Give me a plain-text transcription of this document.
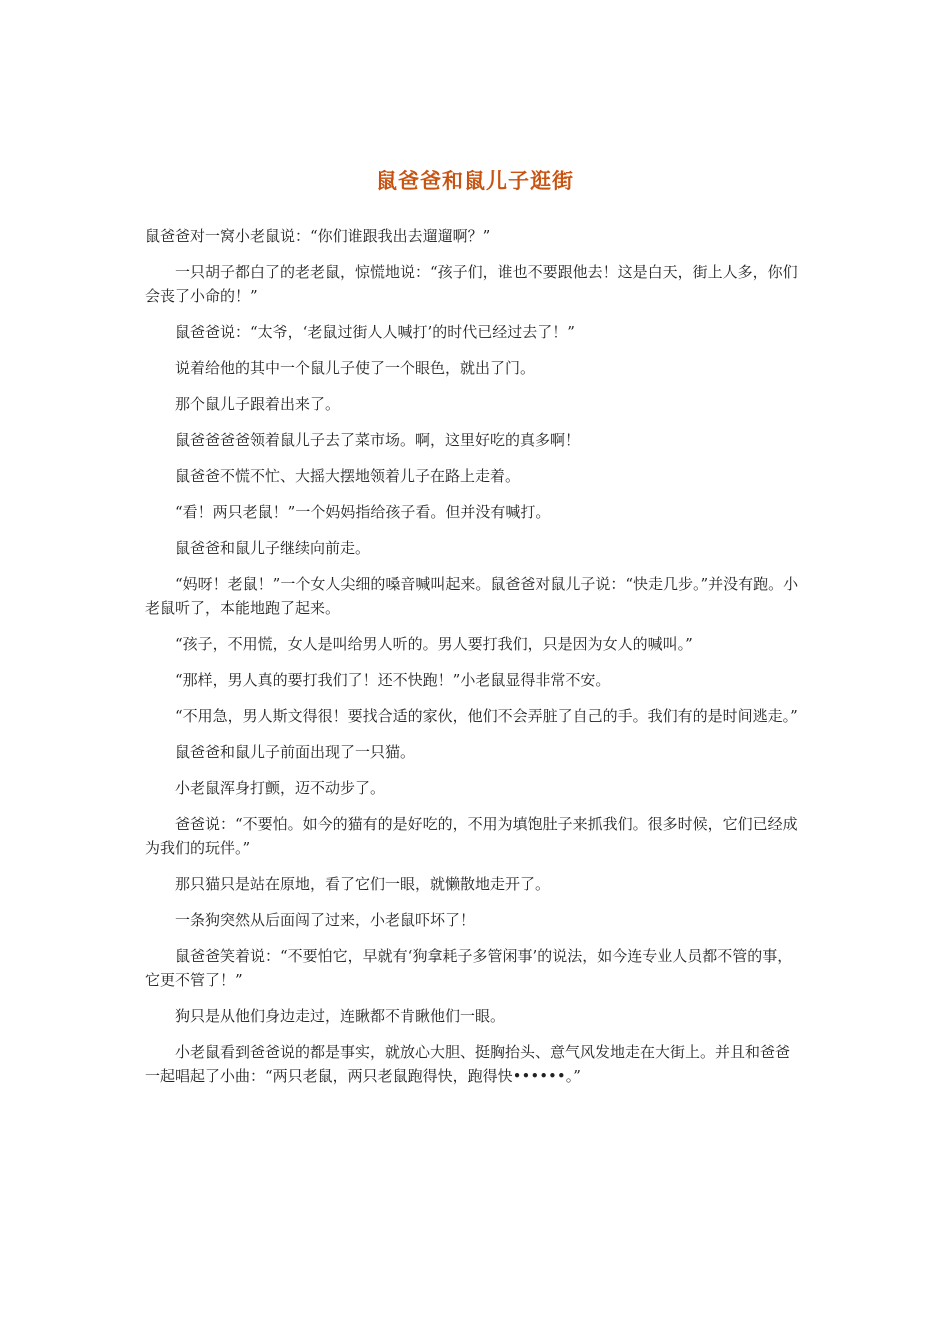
鼠爸爸和鼠儿子逛街

鼠爸爸对一窝小老鼠说：“你们谁跟我出去遛遛啊？”

一只胡子都白了的老老鼠，惊慌地说：“孩子们，谁也不要跟他去！这是白天，街上人多，你们会丧了小命的！”

鼠爸爸说：“太爷，‘老鼠过街人人喊打’的时代已经过去了！”

说着给他的其中一个鼠儿子使了一个眼色，就出了门。

那个鼠儿子跟着出来了。

鼠爸爸爸爸领着鼠儿子去了菜市场。啊，这里好吃的真多啊！

鼠爸爸不慌不忙、大摇大摆地领着儿子在路上走着。

“看！两只老鼠！”一个妈妈指给孩子看。但并没有喊打。

鼠爸爸和鼠儿子继续向前走。

“妈呀！老鼠！”一个女人尖细的嗓音喊叫起来。鼠爸爸对鼠儿子说：“快走几步。”并没有跑。小老鼠听了，本能地跑了起来。

“孩子，不用慌，女人是叫给男人听的。男人要打我们，只是因为女人的喊叫。”

“那样，男人真的要打我们了！还不快跑！”小老鼠显得非常不安。

“不用急，男人斯文得很！要找合适的家伙，他们不会弄脏了自己的手。我们有的是时间逃走。”

鼠爸爸和鼠儿子前面出现了一只猫。

小老鼠浑身打颤，迈不动步了。

爸爸说：“不要怕。如今的猫有的是好吃的，不用为填饱肚子来抓我们。很多时候，它们已经成为我们的玩伴。”

那只猫只是站在原地，看了它们一眼，就懒散地走开了。

一条狗突然从后面闯了过来，小老鼠吓坏了！

鼠爸爸笑着说：“不要怕它，早就有‘狗拿耗子多管闲事’的说法，如今连专业人员都不管的事，它更不管了！”

狗只是从他们身边走过，连瞅都不肯瞅他们一眼。

小老鼠看到爸爸说的都是事实，就放心大胆、挺胸抬头、意气风发地走在大街上。并且和爸爸一起唱起了小曲：“两只老鼠，两只老鼠跑得快，跑得快••••••。”
